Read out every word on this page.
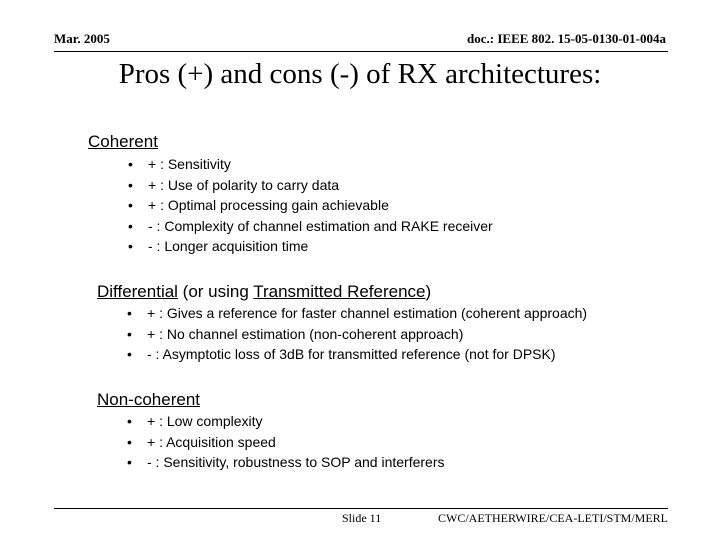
Mar. 2005	doc.: IEEE 802. 15-05-0130-01-004a
Pros (+) and cons (-) of RX architectures:
Coherent
• + : Sensitivity
• + : Use of polarity to carry data
• + : Optimal processing gain achievable
• - : Complexity of channel estimation and RAKE receiver
• - : Longer acquisition time
Differential (or using Transmitted Reference)
• + : Gives a reference for faster channel estimation (coherent approach)
• + : No channel estimation (non-coherent approach)
• - : Asymptotic loss of 3dB for transmitted reference (not for DPSK)
Non-coherent
• + : Low complexity
• + : Acquisition speed
• - : Sensitivity, robustness to SOP and interferers
Slide 11	CWC/AETHERWIRE/CEA-LETI/STM/MERL
